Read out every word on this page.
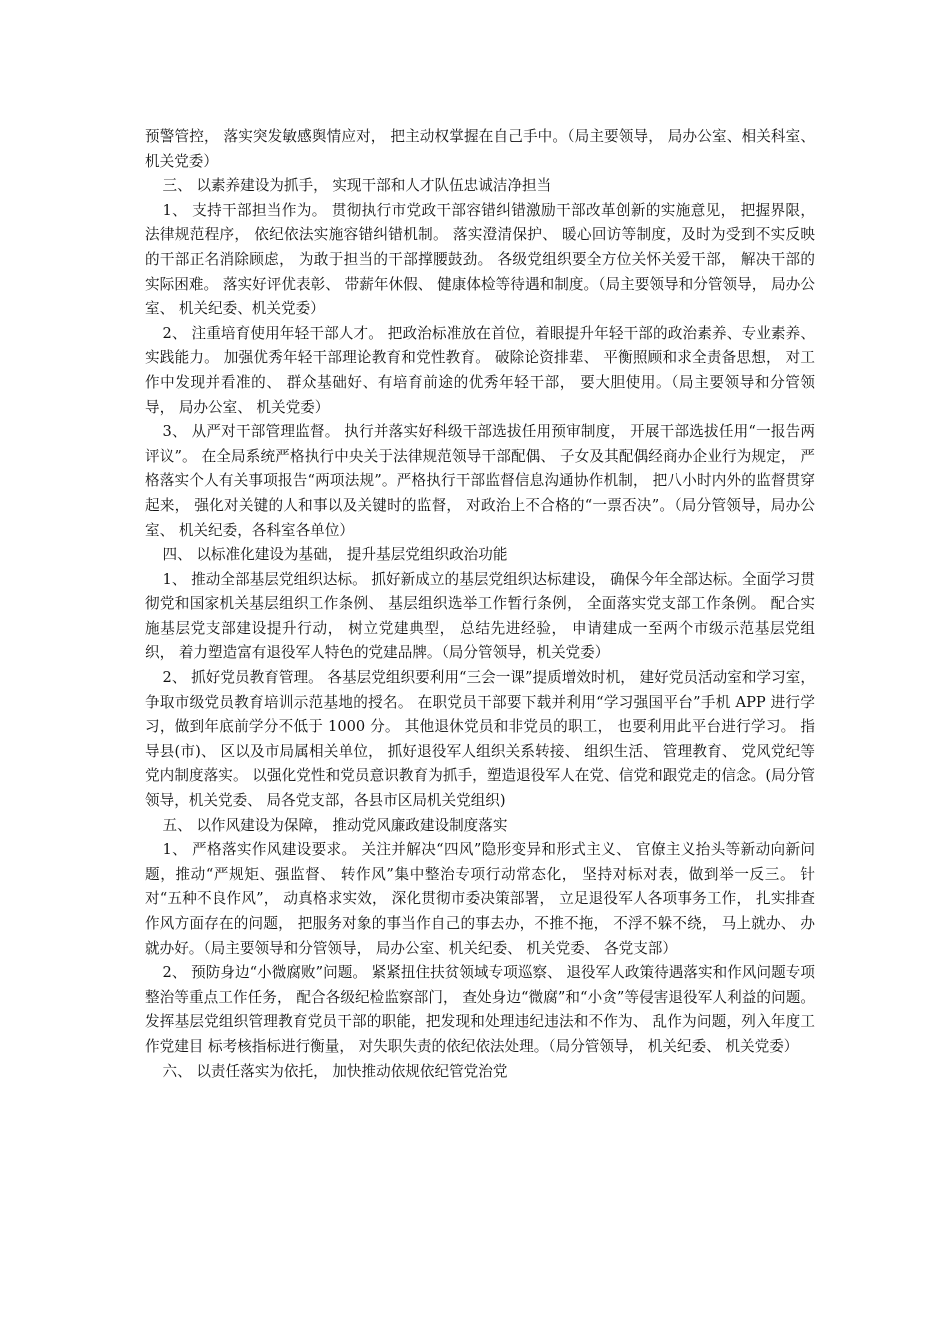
预警管控， 落实突发敏感舆情应对， 把主动权掌握在自己手中。（局主要领导， 局办公室、相关科室、 机关党委）

三、 以素养建设为抓手， 实现干部和人才队伍忠诚洁净担当

1、 支持干部担当作为。 贯彻执行市党政干部容错纠错激励干部改革创新的实施意见， 把握界限， 法律规范程序， 依纪依法实施容错纠错机制。 落实澄清保护、 暖心回访等制度，及时为受到不实反映的干部正名消除顾虑， 为敢于担当的干部撑腰鼓劲。 各级党组织要全方位关怀关爱干部， 解决干部的实际困难。 落实好评优表彰、 带薪年休假、 健康体检等待遇和制度。（局主要领导和分管领导， 局办公室、 机关纪委、机关党委）

2、 注重培育使用年轻干部人才。 把政治标准放在首位，着眼提升年轻干部的政治素养、专业素养、 实践能力。 加强优秀年轻干部理论教育和党性教育。 破除论资排辈、 平衡照顾和求全责备思想， 对工作中发现并看准的、 群众基础好、有培育前途的优秀年轻干部， 要大胆使用。（局主要领导和分管领导， 局办公室、 机关党委）

3、 从严对干部管理监督。 执行并落实好科级干部选拔任用预审制度， 开展干部选拔任用“一报告两评议”。 在全局系统严格执行中央关于法律规范领导干部配偶、 子女及其配偶经商办企业行为规定， 严格落实个人有关事项报告“两项法规”。严格执行干部监督信息沟通协作机制， 把八小时内外的监督贯穿起来， 强化对关键的人和事以及关键时的监督， 对政治上不合格的“一票否决”。（局分管领导，局办公室、 机关纪委，各科室各单位）

四、 以标准化建设为基础， 提升基层党组织政治功能

1、 推动全部基层党组织达标。 抓好新成立的基层党组织达标建设， 确保今年全部达标。全面学习贯彻党和国家机关基层组织工作条例、 基层组织选举工作暂行条例， 全面落实党支部工作条例。 配合实施基层党支部建设提升行动， 树立党建典型， 总结先进经验， 申请建成一至两个市级示范基层党组织， 着力塑造富有退役军人特色的党建品牌。（局分管领导，机关党委）

2、 抓好党员教育管理。 各基层党组织要利用“三会一课”提质增效时机， 建好党员活动室和学习室， 争取市级党员教育培训示范基地的授名。 在职党员干部要下载并利用“学习强国平台”手机 APP 进行学习，做到年底前学分不低于 1000 分。 其他退休党员和非党员的职工， 也要利用此平台进行学习。 指导县(市)、 区以及市局属相关单位， 抓好退役军人组织关系转接、 组织生活、 管理教育、 党风党纪等党内制度落实。 以强化党性和党员意识教育为抓手，塑造退役军人在党、信党和跟党走的信念。(局分管领导，机关党委、 局各党支部，各县市区局机关党组织)

五、 以作风建设为保障， 推动党风廉政建设制度落实

1、 严格落实作风建设要求。 关注并解决“四风”隐形变异和形式主义、 官僚主义抬头等新动向新问题，推动“严规矩、强监督、 转作风”集中整治专项行动常态化， 坚持对标对表，做到举一反三。 针对“五种不良作风”， 动真格求实效， 深化贯彻市委决策部署， 立足退役军人各项事务工作， 扎实排查作风方面存在的问题， 把服务对象的事当作自己的事去办，不推不拖， 不浮不躲不绕， 马上就办、 办就办好。（局主要领导和分管领导， 局办公室、机关纪委、 机关党委、 各党支部）

2、 预防身边“小微腐败”问题。 紧紧扭住扶贫领域专项巡察、 退役军人政策待遇落实和作风问题专项整治等重点工作任务， 配合各级纪检监察部门， 查处身边“微腐”和“小贪”等侵害退役军人利益的问题。 发挥基层党组织管理教育党员干部的职能，把发现和处理违纪违法和不作为、 乱作为问题，列入年度工作党建目 标考核指标进行衡量， 对失职失责的依纪依法处理。（局分管领导， 机关纪委、 机关党委）

六、 以责任落实为依托， 加快推动依规依纪管党治党
